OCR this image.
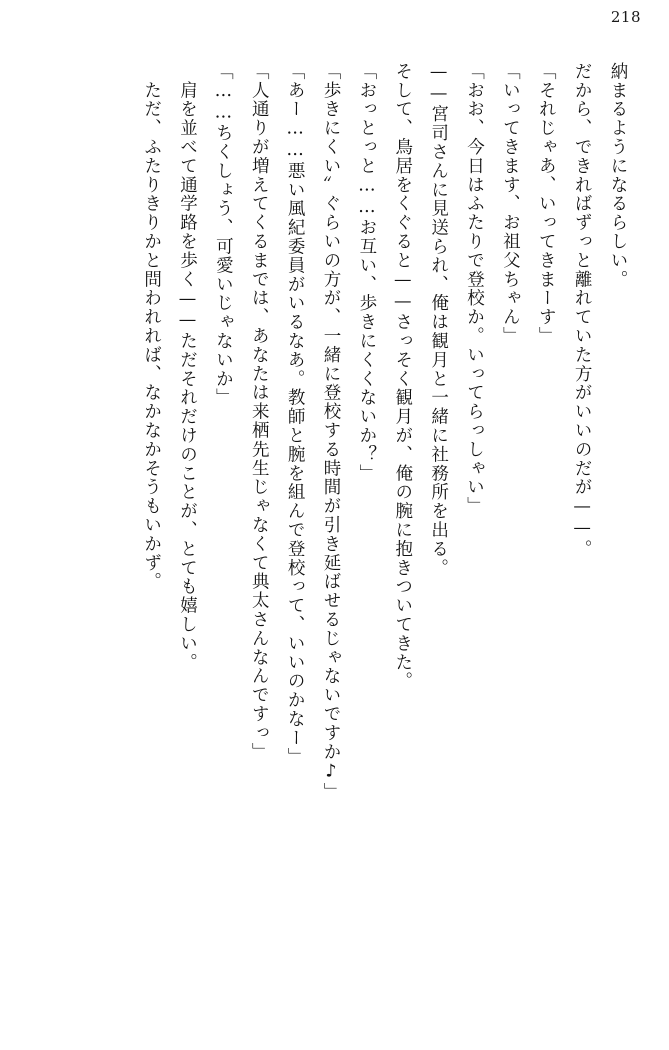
218

納まるようになるらしい。

だから、できればずっと離れていた方がいいのだが——。

「それじゃあ、いってきまーす」

「いってきます、お祖父ちゃん」

「おお、今日はふたりで登校か。いってらっしゃい」

——宮司さんに見送られ、俺は観月と一緒に社務所を出る。

そして、鳥居をくぐると——さっそく観月が、俺の腕に抱きついてきた。

「おっとっと……お互い、歩きにくくないか？」

「歩きにくい〟ぐらいの方が、一緒に登校する時間が引き延ばせるじゃないですか♪」

「あー……悪い風紀委員がいるなあ。教師と腕を組んで登校って、いいのかなー」

「人通りが増えてくるまでは、あなたは来栖先生じゃなくて典太さんなんですっ」

「……ちくしょう、可愛いじゃないか」

　肩を並べて通学路を歩く——ただそれだけのことが、とても嬉しい。

　ただ、ふたりきりかと問われれば、なかなかそうもいかず。
